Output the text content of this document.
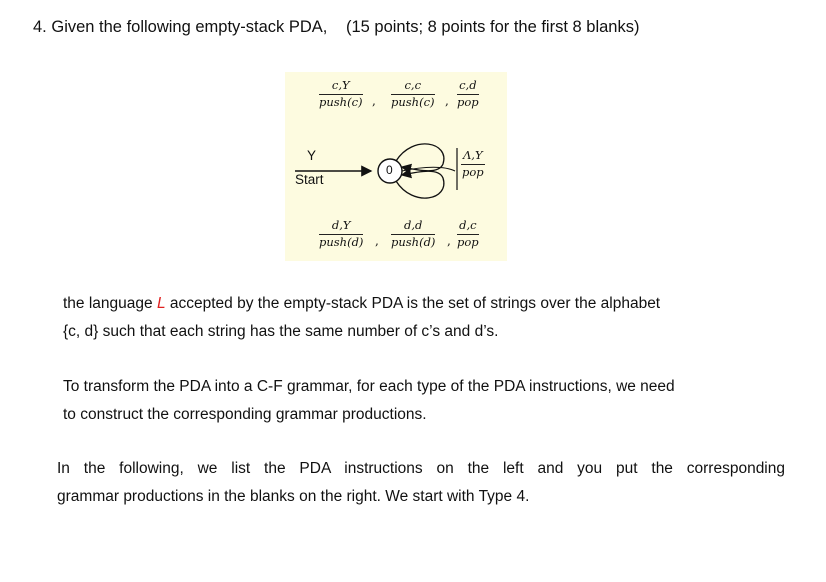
4. Given the following empty-stack PDA, (15 points; 8 points for the first 8 blanks)
c,Y
push(c) ,
c,c
push(c) ,
c,d
pop
Y
Start
0
Λ,Y
pop
d,Y
push(d) ,
d,d
push(d) ,
d,c
pop
the language L accepted by the empty-stack PDA is the set of strings over the alphabet
{c, d} such that each string has the same number of c’s and d’s.
To transform the PDA into a C-F grammar, for each type of the PDA instructions, we need
to construct the corresponding grammar productions.
In the following, we list the PDA instructions on the left and you put the corresponding
grammar productions in the blanks on the right. We start with Type 4.
